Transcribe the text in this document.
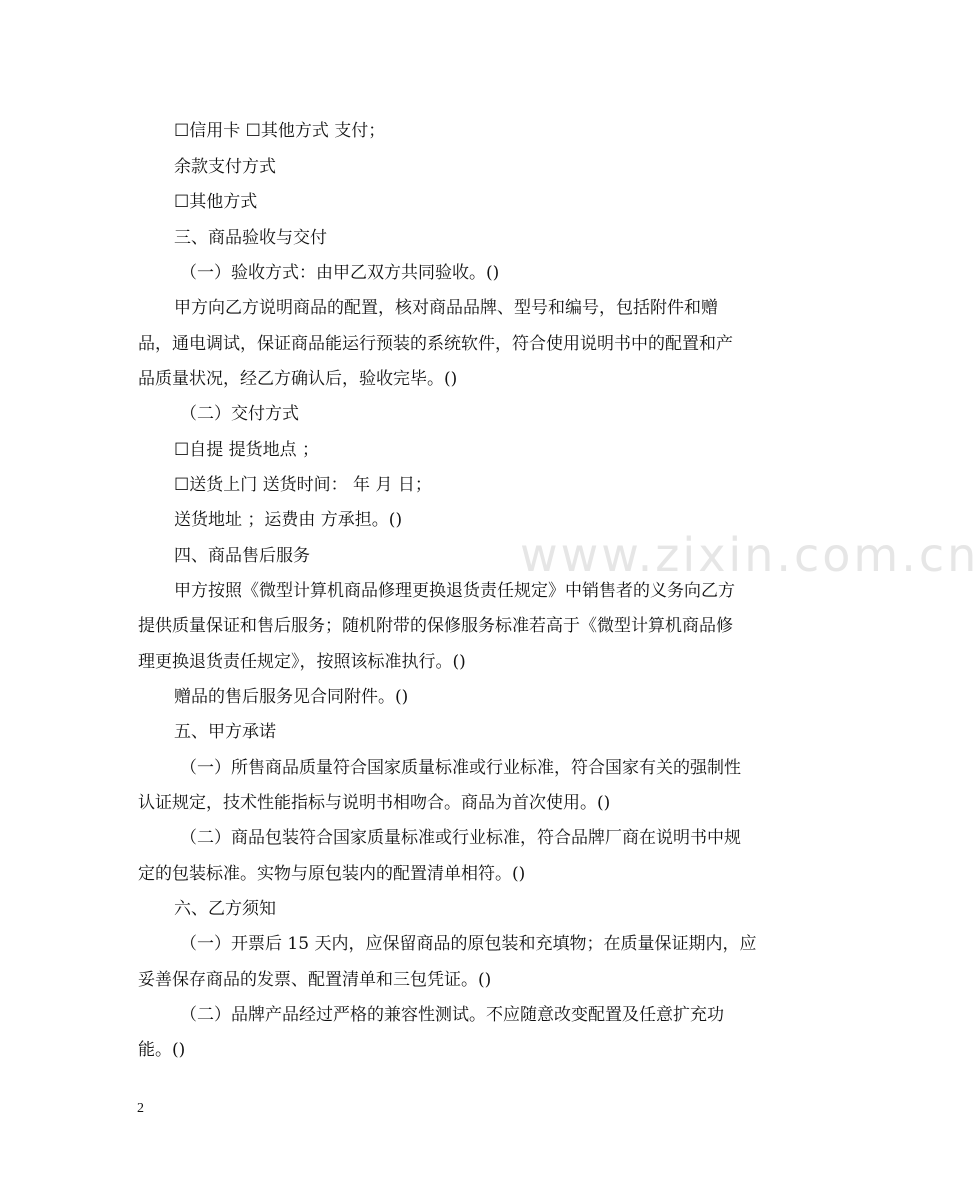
www.zixin.com.cn
☐信用卡 ☐其他方式 支付；
余款支付方式
☐其他方式
三、商品验收与交付
（一）验收方式：由甲乙双方共同验收。()
甲方向乙方说明商品的配置，核对商品品牌、型号和编号，包括附件和赠
品，通电调试，保证商品能运行预装的系统软件，符合使用说明书中的配置和产
品质量状况，经乙方确认后，验收完毕。()
（二）交付方式
☐自提 提货地点 ；
☐送货上门 送货时间： 年 月 日；
送货地址 ；运费由 方承担。()
四、商品售后服务
甲方按照《微型计算机商品修理更换退货责任规定》中销售者的义务向乙方
提供质量保证和售后服务；随机附带的保修服务标准若高于《微型计算机商品修
理更换退货责任规定》，按照该标准执行。()
赠品的售后服务见合同附件。()
五、甲方承诺
（一）所售商品质量符合国家质量标准或行业标准，符合国家有关的强制性
认证规定，技术性能指标与说明书相吻合。商品为首次使用。()
（二）商品包装符合国家质量标准或行业标准，符合品牌厂商在说明书中规
定的包装标准。实物与原包装内的配置清单相符。()
六、乙方须知
（一）开票后 15 天内，应保留商品的原包装和充填物；在质量保证期内，应
妥善保存商品的发票、配置清单和三包凭证。()
（二）品牌产品经过严格的兼容性测试。不应随意改变配置及任意扩充功
能。()
2
